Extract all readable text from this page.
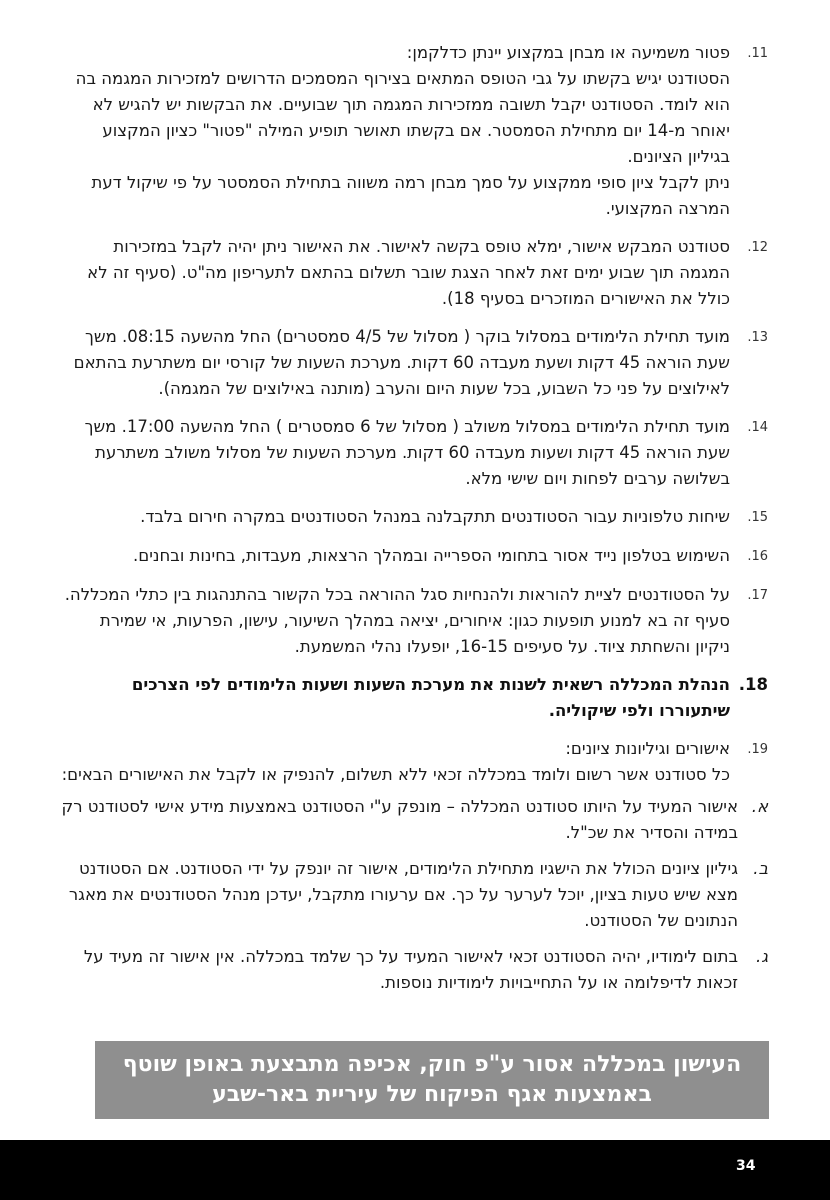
11.

פטור משמיעה או מבחן במקצוע יינתן כדלקמן:

הסטודנט יגיש בקשתו על גבי הטופס המתאים בצירוף המסמכים הדרושים למזכירות המגמה בה הוא לומד. הסטודנט יקבל תשובה ממזכירות המגמה תוך שבועיים. את הבקשות יש להגיש לא יאוחר מ-14 יום מתחילת הסמסטר. אם בקשתו תאושר תופיע המילה "פטור" כציון המקצוע בגיליון הציונים.

ניתן לקבל ציון סופי ממקצוע על סמך מבחן רמה משווה בתחילת הסמסטר על פי שיקול דעת המרצה המקצועי.

12.

סטודנט המבקש אישור, ימלא טופס בקשה לאישור. את האישור ניתן יהיה לקבל במזכירות המגמה תוך שבוע ימים זאת לאחר הצגת שובר תשלום בהתאם לתעריפון מה"ט. (סעיף זה לא כולל את האישורים המוזכרים בסעיף 18).

13.

מועד תחילת הלימודים במסלול בוקר ( מסלול של 4/5 סמסטרים) החל מהשעה 08:15. משך שעת הוראה 45 דקות ושעת מעבדה 60 דקות. מערכת השעות של קורסי יום משתרעת בהתאם לאילוצים על פני כל השבוע, בכל שעות היום והערב (מותנה באילוצים של המגמה).

14.

מועד תחילת הלימודים במסלול משולב ( מסלול של 6 סמסטרים ) החל מהשעה 17:00. משך שעת הוראה 45 דקות ושעות מעבדה 60 דקות. מערכת השעות של מסלול משולב משתרעת בשלושה ערבים לפחות ויום שישי מלא.

15.

שיחות טלפוניות עבור הסטודנטים תתקבלנה במנהל הסטודנטים במקרה חירום בלבד.

16.

השימוש בטלפון נייד אסור בתחומי הספרייה ובמהלך הרצאות, מעבדות, בחינות ובחנים.

17.

על הסטודנטים לציית להוראות ולהנחיות סגל ההוראה בכל הקשור בהתנהגות בין כתלי המכללה. סעיף זה בא למנוע תופעות כגון: איחורים, יציאה במהלך השיעור, עישון, הפרעות, אי שמירת ניקיון והשחתת ציוד. על סעיפים 16-15, יופעלו נהלי המשמעת.

18.

הנהלת המכללה רשאית לשנות את מערכת השעות ושעות הלימודים לפי הצרכים שיתעוררו ולפי שיקוליה.

19.

אישורים וגיליונות ציונים:

כל סטודנט אשר רשום ולומד במכללה זכאי ללא תשלום, להנפיק או לקבל את האישורים הבאים:

א.
אישור המעיד על היותו סטודנט המכללה – מונפק ע"י הסטודנט באמצעות מידע אישי לסטודנט רק במידה והסדיר את שכ"ל.
ב.
גיליון ציונים הכולל את הישגיו מתחילת הלימודים, אישור זה יונפק על ידי הסטודנט. אם הסטודנט מצא שיש טעות בציון, יוכל לערער על כך. אם ערעורו מתקבל, יעדכן מנהל הסטודנטים את מאגר הנתונים של הסטודנט.
ג.
בתום לימודיו, יהיה הסטודנט זכאי לאישור המעיד על כך שלמד במכללה. אין אישור זה מעיד על זכאות לדיפלומה או על התחייבויות לימודיות נוספות.
העישון במכללה אסור ע"פ חוק, אכיפה מתבצעת באופן שוטף
באמצעות אגף הפיקוח של עיריית באר-שבע
34
